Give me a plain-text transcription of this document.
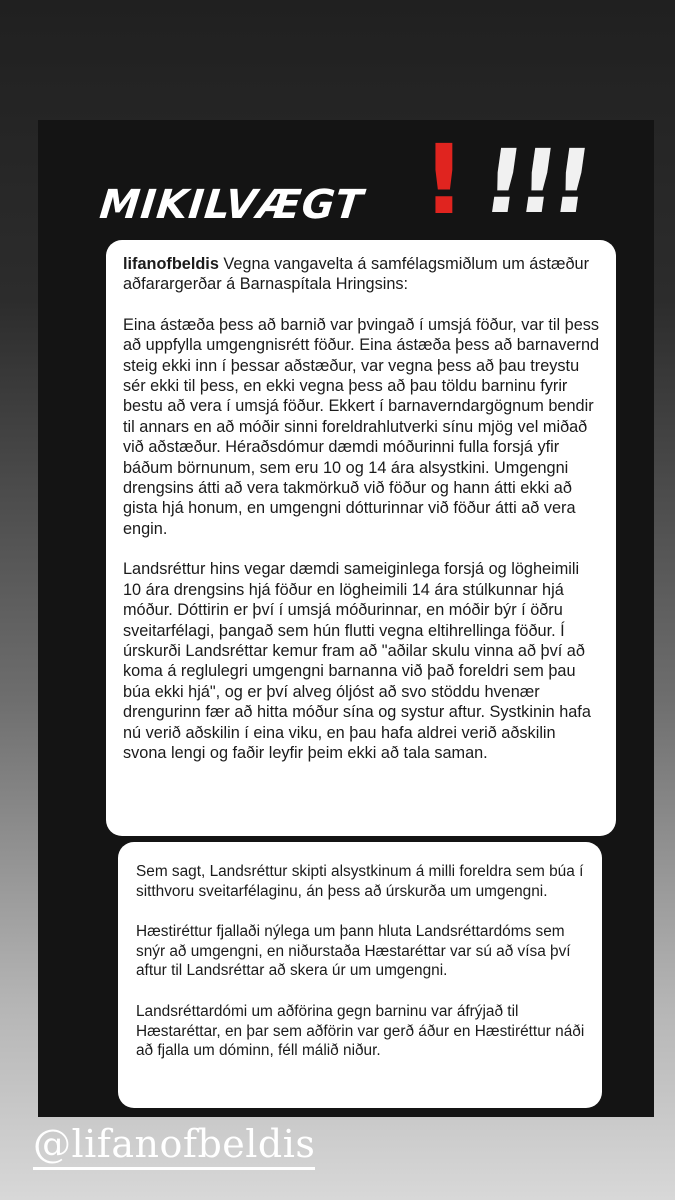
MIKILVÆGT ! !!!

lifanofbeldis Vegna vangavelta á samfélagsmiðlum um ástæður aðfarargerðar á Barnaspítala Hringsins:

Eina ástæða þess að barnið var þvingað í umsjá föður, var til þess að uppfylla umgengnisrétt föður. Eina ástæða þess að barnavernd steig ekki inn í þessar aðstæður, var vegna þess að þau treystu sér ekki til þess, en ekki vegna þess að þau töldu barninu fyrir bestu að vera í umsjá föður. Ekkert í barnaverndargögnum bendir til annars en að móðir sinni foreldrahlutverki sínu mjög vel miðað við aðstæður. Héraðsdómur dæmdi móðurinni fulla forsjá yfir báðum börnunum, sem eru 10 og 14 ára alsystkini. Umgengni drengsins átti að vera takmörkuð við föður og hann átti ekki að gista hjá honum, en umgengni dótturinnar við föður átti að vera engin.

Landsréttur hins vegar dæmdi sameiginlega forsjá og lögheimili 10 ára drengsins hjá föður en lögheimili 14 ára stúlkunnar hjá móður. Dóttirin er því í umsjá móðurinnar, en móðir býr í öðru sveitarfélagi, þangað sem hún flutti vegna eltihrellinga föður. Í úrskurði Landsréttar kemur fram að "aðilar skulu vinna að því að koma á reglulegri umgengni barnanna við það foreldri sem þau búa ekki hjá", og er því alveg óljóst að svo stöddu hvenær drengurinn fær að hitta móður sína og systur aftur. Systkinin hafa nú verið aðskilin í eina viku, en þau hafa aldrei verið aðskilin svona lengi og faðir leyfir þeim ekki að tala saman.

Sem sagt, Landsréttur skipti alsystkinum á milli foreldra sem búa í sitthvoru sveitarfélaginu, án þess að úrskurða um umgengni.

Hæstiréttur fjallaði nýlega um þann hluta Landsréttardóms sem snýr að umgengni, en niðurstaða Hæstaréttar var sú að vísa því aftur til Landsréttar að skera úr um umgengni.

Landsréttardómi um aðförina gegn barninu var áfrýjað til Hæstaréttar, en þar sem aðförin var gerð áður en Hæstiréttur náði að fjalla um dóminn, féll málið niður.

@lifanofbeldis
